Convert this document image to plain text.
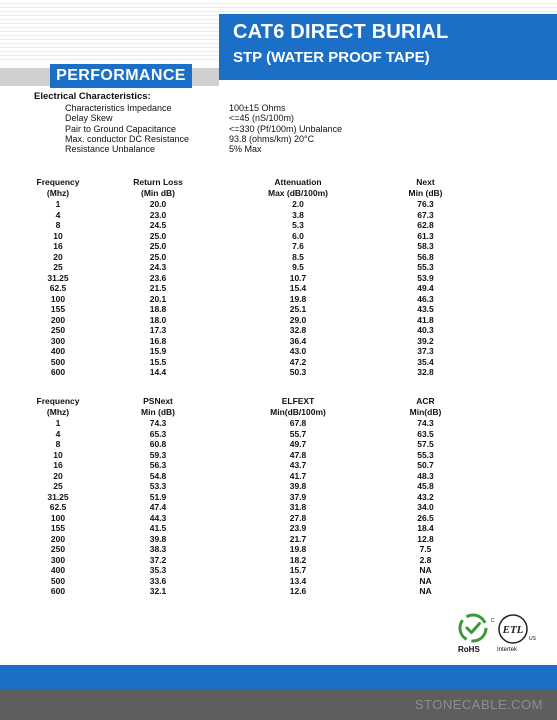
CAT6 DIRECT BURIAL
STP (WATER PROOF TAPE)
PERFORMANCE
Electrical Characteristics:
Characteristics Impedance	100±15 Ohms
Delay Skew	<=45 (nS/100m)
Pair to Ground Capacitance	<=330 (Pf/100m) Unbalance
Max. conductor DC Resistance	93.8 (ohms/km) 20°C
Resistance Unbalance	5% Max
Frequency	Return Loss	Attenuation	Next
(Mhz)	(Min dB)	Max (dB/100m)	Min (dB)
1	20.0	2.0	76.3
4	23.0	3.8	67.3
8	24.5	5.3	62.8
10	25.0	6.0	61.3
16	25.0	7.6	58.3
20	25.0	8.5	56.8
25	24.3	9.5	55.3
31.25	23.6	10.7	53.9
62.5	21.5	15.4	49.4
100	20.1	19.8	46.3
155	18.8	25.1	43.5
200	18.0	29.0	41.8
250	17.3	32.8	40.3
300	16.8	36.4	39.2
400	15.9	43.0	37.3
500	15.5	47.2	35.4
600	14.4	50.3	32.8
Frequency	PSNext	ELFEXT	ACR
(Mhz)	Min (dB)	Min(dB/100m)	Min(dB)
1	74.3	67.8	74.3
4	65.3	55.7	63.5
8	60.8	49.7	57.5
10	59.3	47.8	55.3
16	56.3	43.7	50.7
20	54.8	41.7	48.3
25	53.3	39.8	45.8
31.25	51.9	37.9	43.2
62.5	47.4	31.8	34.0
100	44.3	27.8	26.5
155	41.5	23.9	18.4
200	39.8	21.7	12.8
250	38.3	19.8	7.5
300	37.2	18.2	2.8
400	35.3	15.7	NA
500	33.6	13.4	NA
600	32.1	12.6	NA
RoHS
ETL
C
US
Intertek
STONECABLE.COM
